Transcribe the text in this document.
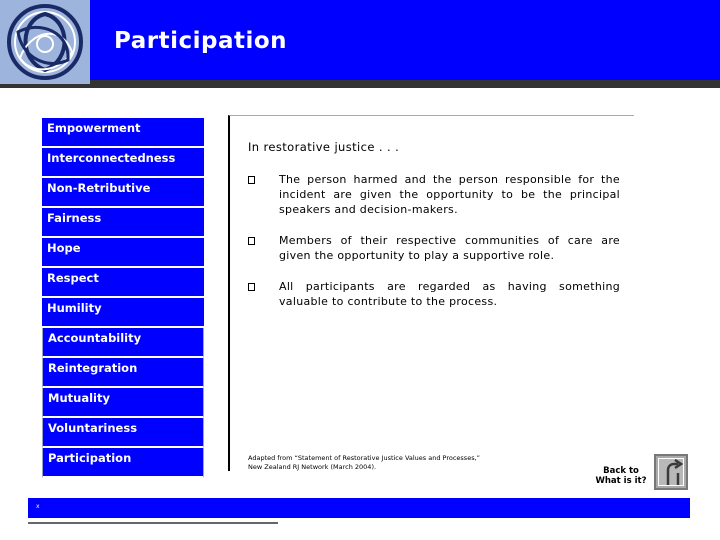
Participation
Empowerment
Interconnectedness
Non-Retributive
Fairness
Hope
Respect
Humility
Accountability
Reintegration
Mutuality
Voluntariness
Participation
In restorative justice . . .
The person harmed and the person responsible for the incident are given the opportunity to be the principal speakers and decision-makers.
Members of their respective communities of care are given the opportunity to play a supportive role.
All participants are regarded as having something valuable to contribute to the process.
Adapted from “Statement of Restorative Justice Values and Processes,”
New Zealand RJ Network (March 2004).	Back to
What is it?
x
